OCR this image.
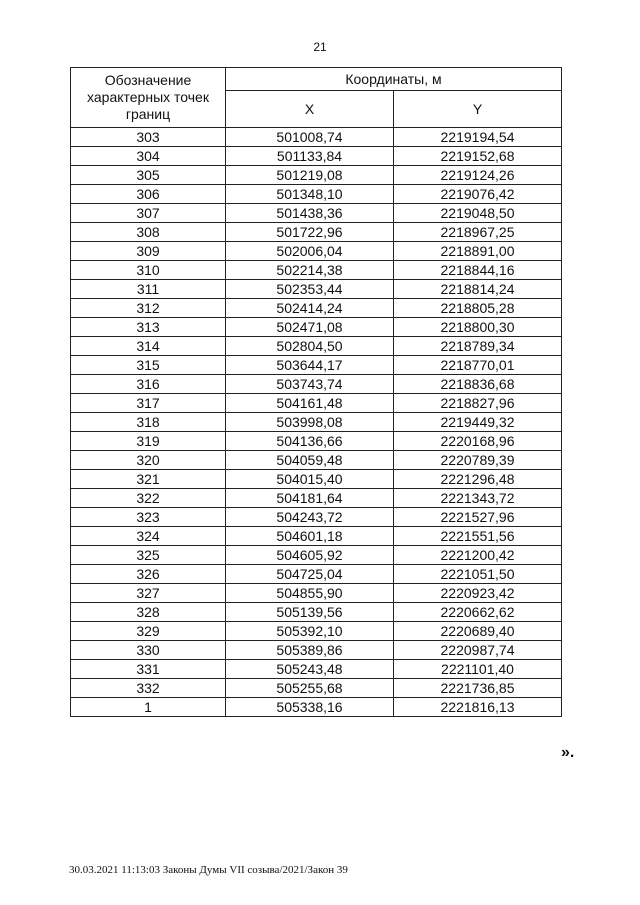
21
Обозначение характерных точек границ	Координаты, м	
	X	Y
303	501008,74	2219194,54
304	501133,84	2219152,68
305	501219,08	2219124,26
306	501348,10	2219076,42
307	501438,36	2219048,50
308	501722,96	2218967,25
309	502006,04	2218891,00
310	502214,38	2218844,16
311	502353,44	2218814,24
312	502414,24	2218805,28
313	502471,08	2218800,30
314	502804,50	2218789,34
315	503644,17	2218770,01
316	503743,74	2218836,68
317	504161,48	2218827,96
318	503998,08	2219449,32
319	504136,66	2220168,96
320	504059,48	2220789,39
321	504015,40	2221296,48
322	504181,64	2221343,72
323	504243,72	2221527,96
324	504601,18	2221551,56
325	504605,92	2221200,42
326	504725,04	2221051,50
327	504855,90	2220923,42
328	505139,56	2220662,62
329	505392,10	2220689,40
330	505389,86	2220987,74
331	505243,48	2221101,40
332	505255,68	2221736,85
1	505338,16	2221816,13
».
30.03.2021 11:13:03 Законы Думы VII созыва/2021/Закон 39
